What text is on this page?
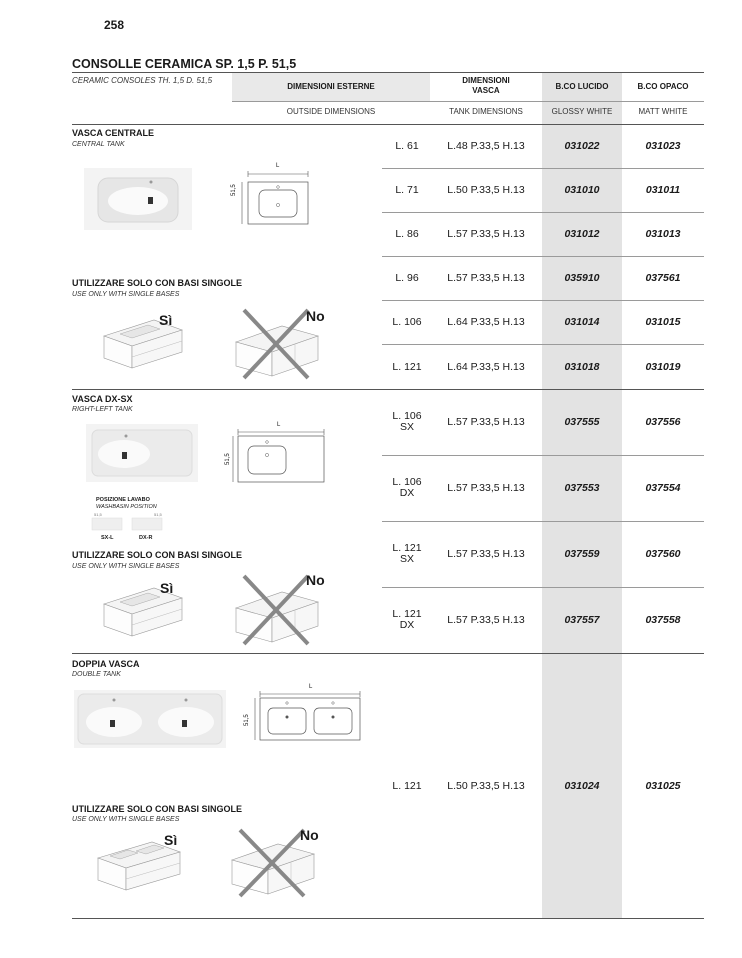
258
CONSOLLE CERAMICA SP. 1,5 P. 51,5
CERAMIC CONSOLES TH. 1,5 D. 51,5
DIMENSIONI ESTERNE
DIMENSIONI
VASCA	B.CO LUCIDO	B.CO OPACO
OUTSIDE DIMENSIONS	TANK DIMENSIONS	GLOSSY WHITE	MATT WHITE
VASCA CENTRALE
CENTRAL TANK
L
51,5
UTILIZZARE SOLO CON BASI SINGOLE
USE ONLY WITH SINGLE BASES
Sì	No
L. 61	L.48 P.33,5 H.13	031022	031023
L. 71	L.50 P.33,5 H.13	031010	031011
L. 86	L.57 P.33,5 H.13	031012	031013
L. 96	L.57 P.33,5 H.13	035910	037561
L. 106	L.64 P.33,5 H.13	031014	031015
L. 121	L.64 P.33,5 H.13	031018	031019
VASCA DX-SX
RIGHT-LEFT TANK
L
51,5
POSIZIONE LAVABO
WASHBASIN POSITION
51,5	51,5
SX-L	DX-R
UTILIZZARE SOLO CON BASI SINGOLE
USE ONLY WITH SINGLE BASES
Sì	No
L. 106
SX	L.57 P.33,5 H.13	037555	037556
L. 106
DX	L.57 P.33,5 H.13	037553	037554
L. 121
SX	L.57 P.33,5 H.13	037559	037560
L. 121
DX	L.57 P.33,5 H.13	037557	037558
DOPPIA VASCA
DOUBLE TANK
L
51,5
UTILIZZARE SOLO CON BASI SINGOLE
USE ONLY WITH SINGLE BASES
Sì	No
L. 121	L.50 P.33,5 H.13	031024	031025
